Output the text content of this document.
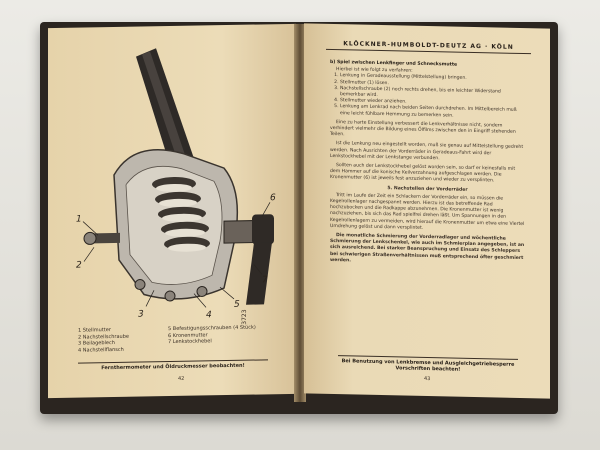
1
2
3	4
5
6
7
3723
1 Stellmutter
2 Nachstellschraube
3 Beilageblech
4 Nachstellflansch
5 Befestigungsschrauben (4 Stück)
6 Kronenmutter
7 Lenkstockhebel
Fernthermometer und Öldruckmesser beobachten!
42
KLÖCKNER-HUMBOLDT-DEUTZ AG · KÖLN
b) Spiel zwischen Lenkfinger und Schnecksmutte
Hierbei ist wie folgt zu verfahren:
1. Lenkung in Geradeausstellung (Mittelstellung) bringen.
2. Stellmutter (1) lösen.
3. Nachstellschraube (2) noch rechts drehen, bis ein leichter Widerstand bemerkbar wird.
4. Stellmutter wieder anziehen.
5. Lenkung am Lenkrad nach beiden Seiten durchdrehen. Im Mittelbereich muß eine leicht fühlbare Hemmung zu bemerken sein.

Eine zu harte Einstellung verbessert die Lenkverhältnisse nicht, sondern verhindert vielmehr die Bildung eines Ölfilms zwischen den in Eingriff stehenden Teilen.

Ist die Lenkung neu eingestellt worden, muß sie genau auf Mittelstellung gedreht werden. Nach Ausrichten der Vorderräder in Geradeaus-Fahrt wird der Lenkstockhebel mit der Lenkstange verbunden.

Sollten auch der Lenkstockhebel gelöst worden sein, so darf er keinesfalls mit dem Hammer auf die konische Keilverzahnung aufgeschlagen werden. Die Kronenmutter (6) ist jeweils fest anzuziehen und wieder zu versplinten.

5. Nachstellen der Vorderräder

Tritt im Laufe der Zeit ein Schlackern der Vorderräder ein, so müssen die Kegelrollenlager nachgespannt werden. Hierzu ist das betreffende Rad hochzubocken und die Radkappe abzunehmen. Die Kronenmutter ist wenig nachzuziehen, bis sich das Rad spielfrei drehen läßt. Um Spannungen in den Kegelrollenlagern zu vermeiden, wird hierauf die Kronenmutter um etwa eine Viertel Umdrehung gelöst und dann versplintet.

Die monatliche Schmierung der Vorderradlager und wöchentliche Schmierung der Lenkschenkel, wie auch im Schmierplan angegeben, ist an sich ausreichend. Bei starker Beanspruchung und Einsatz des Schleppers bei schwierigen Straßenverhältnissen muß entsprechend öfter geschmiert werden.

Bei Benutzung von Lenkbremse und Ausgleichgetriebesperre Vorschriften beachten!
43
